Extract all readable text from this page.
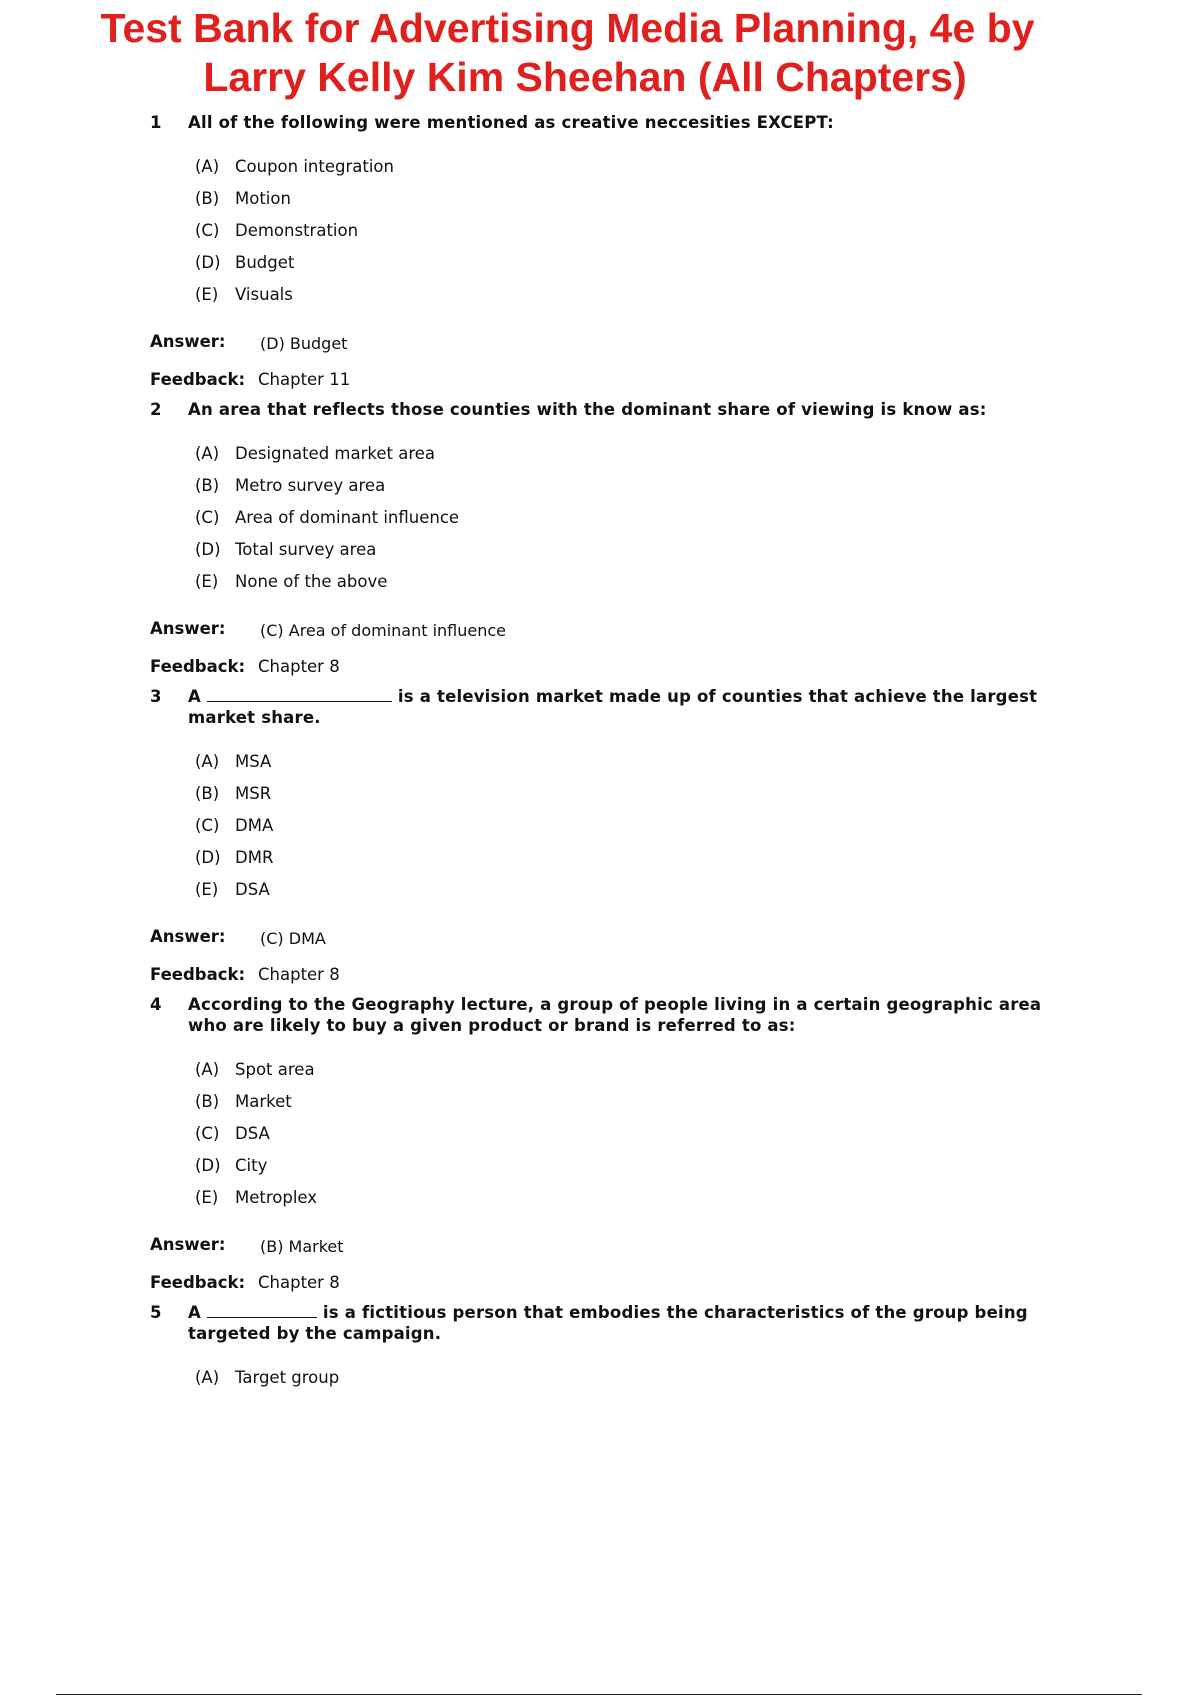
Test Bank for Advertising Media Planning, 4e by
Larry Kelly Kim Sheehan (All Chapters)
1	All of the following were mentioned as creative neccesities EXCEPT:
(A) Coupon integration
(B) Motion
(C) Demonstration
(D) Budget
(E) Visuals
Answer: (D) Budget
Feedback: Chapter 11
2	An area that reflects those counties with the dominant share of viewing is know as:
(A) Designated market area
(B) Metro survey area
(C) Area of dominant influence
(D) Total survey area
(E) None of the above
Answer: (C) Area of dominant influence
Feedback: Chapter 8
3	A	is a television market made up of counties that achieve the largest market share.
(A) MSA
(B) MSR
(C) DMA
(D) DMR
(E) DSA
Answer: (C) DMA
Feedback: Chapter 8
4	According to the Geography lecture, a group of people living in a certain geographic area who are likely to buy a given product or brand is referred to as:
(A) Spot area
(B) Market
(C) DSA
(D) City
(E) Metroplex
Answer: (B) Market
Feedback: Chapter 8
5	A	is a fictitious person that embodies the characteristics of the group being targeted by the campaign.
(A) Target group
